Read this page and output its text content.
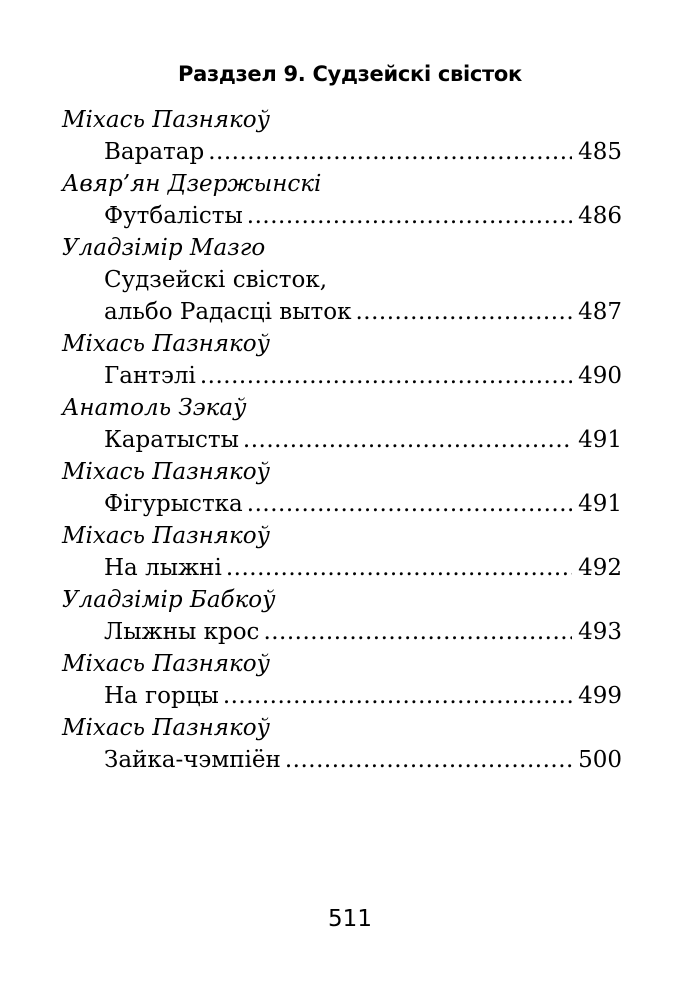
Раздзел 9. Судзейскі свісток
Міхась Пазнякоў
Варатар .....	485
Авяр’ян Дзержынскі
Футбалісты .....	486
Уладзімір Мазго
Судзейскі свісток,
альбо Радасці выток .....	487
Міхась Пазнякоў
Гантэлі .....	490
Анатоль Зэкаў
Каратысты .....	491
Міхась Пазнякоў
Фігурыстка .....	491
Міхась Пазнякоў
На лыжні .....	492
Уладзімір Бабкоў
Лыжны крос .....	493
Міхась Пазнякоў
На горцы .....	499
Міхась Пазнякоў
Зайка-чэмпіён .....	500
511
